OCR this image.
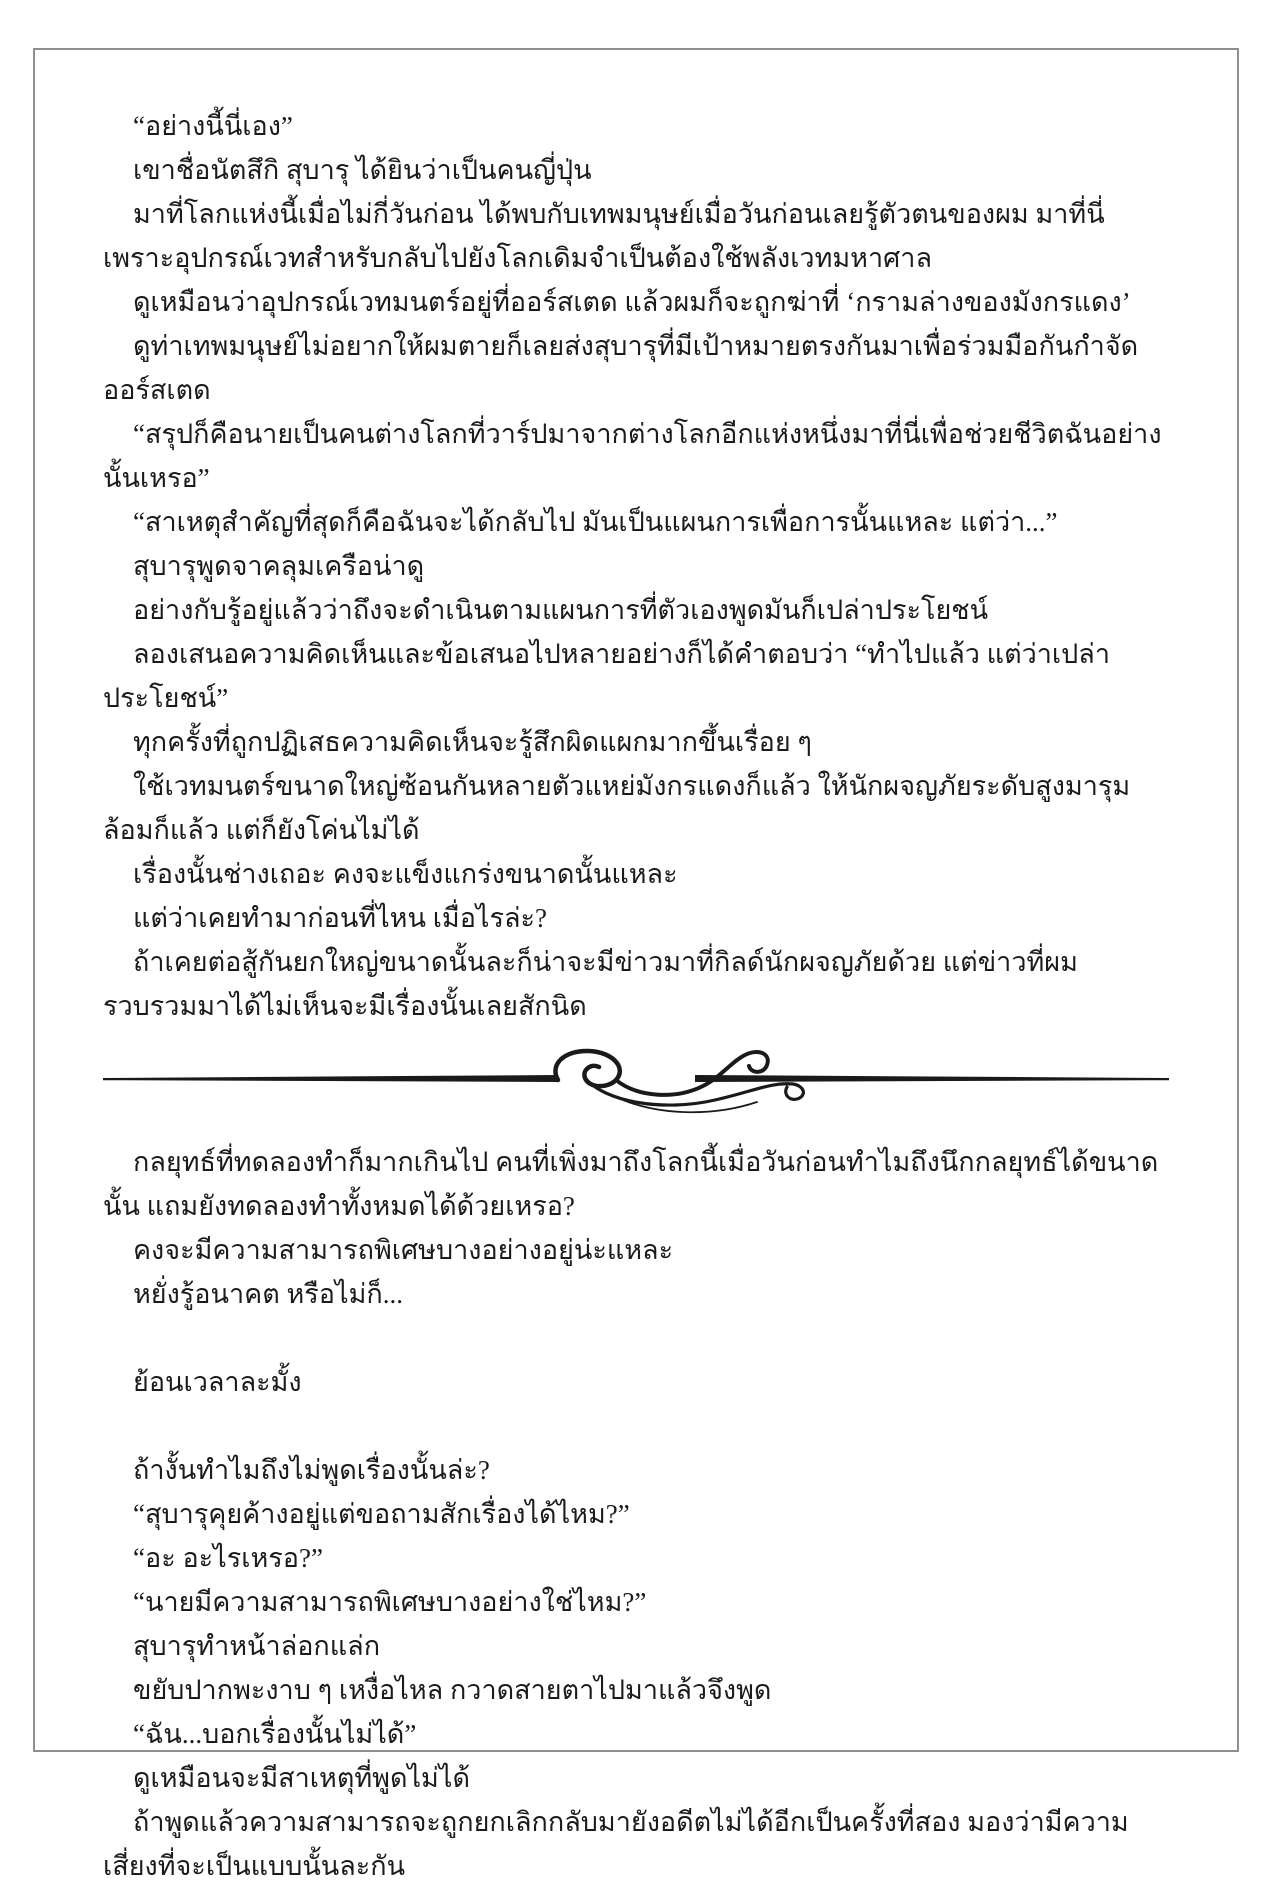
“อย่างนี้นี่เอง”

เขาชื่อนัตสึกิ สุบารุ ได้ยินว่าเป็นคนญี่ปุ่น

มาที่โลกแห่งนี้เมื่อไม่กี่วันก่อน ได้พบกับเทพมนุษย์เมื่อวันก่อนเลยรู้ตัวตนของผม มาที่นี่เพราะอุปกรณ์เวทสำหรับกลับไปยังโลกเดิมจำเป็นต้องใช้พลังเวทมหาศาล

ดูเหมือนว่าอุปกรณ์เวทมนตร์อยู่ที่ออร์สเตด แล้วผมก็จะถูกฆ่าที่ ‘กรามล่างของมังกรแดง’

ดูท่าเทพมนุษย์ไม่อยากให้ผมตายก็เลยส่งสุบารุที่มีเป้าหมายตรงกันมาเพื่อร่วมมือกันกำจัดออร์สเตด

“สรุปก็คือนายเป็นคนต่างโลกที่วาร์ปมาจากต่างโลกอีกแห่งหนึ่งมาที่นี่เพื่อช่วยชีวิตฉันอย่างนั้นเหรอ”

“สาเหตุสำคัญที่สุดก็คือฉันจะได้กลับไป มันเป็นแผนการเพื่อการนั้นแหละ แต่ว่า...”

สุบารุพูดจาคลุมเครือน่าดู

อย่างกับรู้อยู่แล้วว่าถึงจะดำเนินตามแผนการที่ตัวเองพูดมันก็เปล่าประโยชน์

ลองเสนอความคิดเห็นและข้อเสนอไปหลายอย่างก็ได้คำตอบว่า “ทำไปแล้ว แต่ว่าเปล่าประโยชน์”

ทุกครั้งที่ถูกปฏิเสธความคิดเห็นจะรู้สึกผิดแผกมากขึ้นเรื่อย ๆ

ใช้เวทมนตร์ขนาดใหญ่ซ้อนกันหลายตัวแหย่มังกรแดงก็แล้ว ให้นักผจญภัยระดับสูงมารุมล้อมก็แล้ว แต่ก็ยังโค่นไม่ได้

เรื่องนั้นช่างเถอะ คงจะแข็งแกร่งขนาดนั้นแหละ

แต่ว่าเคยทำมาก่อนที่ไหน เมื่อไรล่ะ?

ถ้าเคยต่อสู้กันยกใหญ่ขนาดนั้นละก็น่าจะมีข่าวมาที่กิลด์นักผจญภัยด้วย แต่ข่าวที่ผมรวบรวมมาได้ไม่เห็นจะมีเรื่องนั้นเลยสักนิด

กลยุทธ์ที่ทดลองทำก็มากเกินไป คนที่เพิ่งมาถึงโลกนี้เมื่อวันก่อนทำไมถึงนึกกลยุทธ์ได้ขนาดนั้น แถมยังทดลองทำทั้งหมดได้ด้วยเหรอ?

คงจะมีความสามารถพิเศษบางอย่างอยู่น่ะแหละ

หยั่งรู้อนาคต หรือไม่ก็...

ย้อนเวลาละมั้ง

ถ้างั้นทำไมถึงไม่พูดเรื่องนั้นล่ะ?

“สุบารุคุยค้างอยู่แต่ขอถามสักเรื่องได้ไหม?”

“อะ อะไรเหรอ?”

“นายมีความสามารถพิเศษบางอย่างใช่ไหม?”

สุบารุทำหน้าล่อกแล่ก

ขยับปากพะงาบ ๆ เหงื่อไหล กวาดสายตาไปมาแล้วจึงพูด

“ฉัน...บอกเรื่องนั้นไม่ได้”

ดูเหมือนจะมีสาเหตุที่พูดไม่ได้

ถ้าพูดแล้วความสามารถจะถูกยกเลิกกลับมายังอดีตไม่ได้อีกเป็นครั้งที่สอง มองว่ามีความเสี่ยงที่จะเป็นแบบนั้นละกัน
